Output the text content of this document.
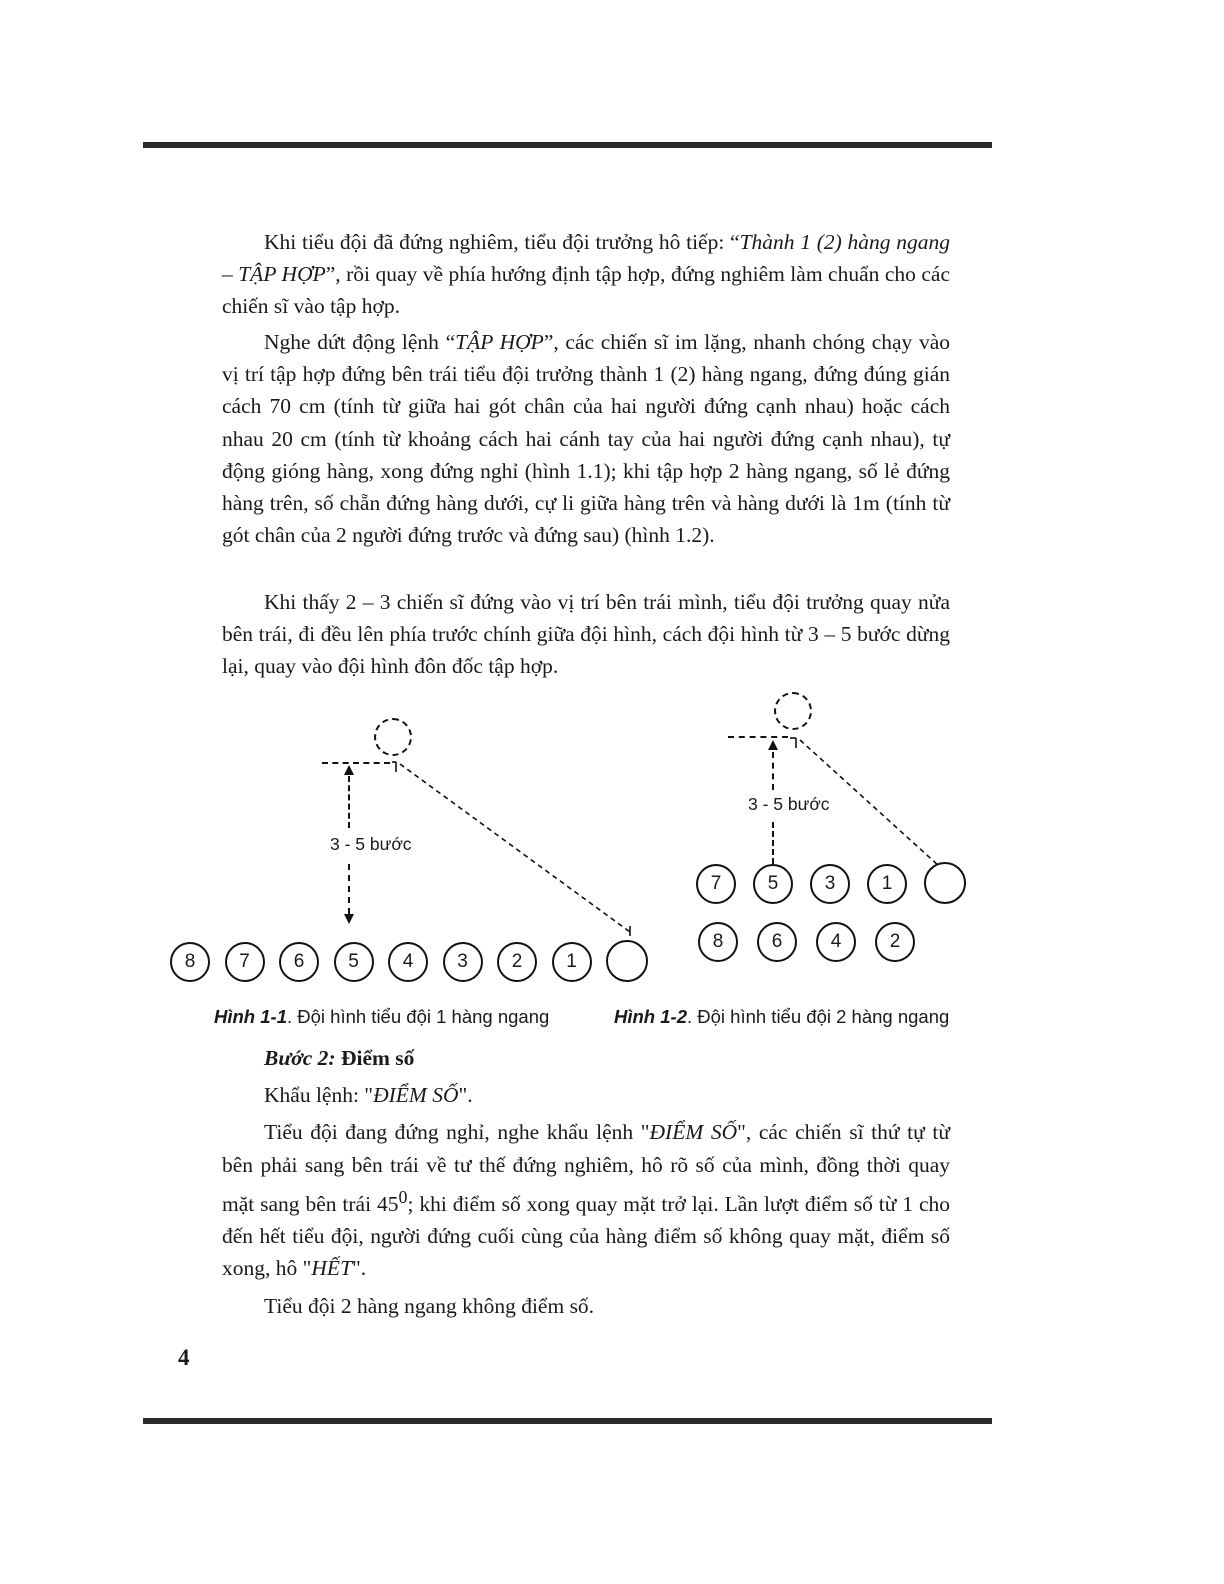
Khi tiểu đội đã đứng nghiêm, tiểu đội trưởng hô tiếp: “Thành 1 (2) hàng ngang – TẬP HỢP”, rồi quay về phía hướng định tập hợp, đứng nghiêm làm chuẩn cho các chiến sĩ vào tập hợp.

Nghe dứt động lệnh “TẬP HỢP”, các chiến sĩ im lặng, nhanh chóng chạy vào vị trí tập hợp đứng bên trái tiểu đội trưởng thành 1 (2) hàng ngang, đứng đúng gián cách 70 cm (tính từ giữa hai gót chân của hai người đứng cạnh nhau) hoặc cách nhau 20 cm (tính từ khoảng cách hai cánh tay của hai người đứng cạnh nhau), tự động gióng hàng, xong đứng nghỉ (hình 1.1); khi tập hợp 2 hàng ngang, số lẻ đứng hàng trên, số chẵn đứng hàng dưới, cự li giữa hàng trên và hàng dưới là 1m (tính từ gót chân của 2 người đứng trước và đứng sau) (hình 1.2).

Khi thấy 2 – 3 chiến sĩ đứng vào vị trí bên trái mình, tiểu đội trưởng quay nửa bên trái, đi đều lên phía trước chính giữa đội hình, cách đội hình từ 3 – 5 bước dừng lại, quay vào đội hình đôn đốc tập hợp.

3 - 5 bước
8	7	6	5	4	3	2	1
Hình 1-1. Đội hình tiểu đội 1 hàng ngang
3 - 5 bước
7	5	3	1
8	6	4	2
Hình 1-2. Đội hình tiểu đội 2 hàng ngang

Bước 2: Điểm số

Khẩu lệnh: "ĐIỂM SỐ".

Tiểu đội đang đứng nghỉ, nghe khẩu lệnh "ĐIỂM SỐ", các chiến sĩ thứ tự từ bên phải sang bên trái về tư thế đứng nghiêm, hô rõ số của mình, đồng thời quay mặt sang bên trái $45^0$; khi điểm số xong quay mặt trở lại. Lần lượt điểm số từ 1 cho đến hết tiểu đội, người đứng cuối cùng của hàng điểm số không quay mặt, điểm số xong, hô "HẾT".

Tiểu đội 2 hàng ngang không điểm số.

4
